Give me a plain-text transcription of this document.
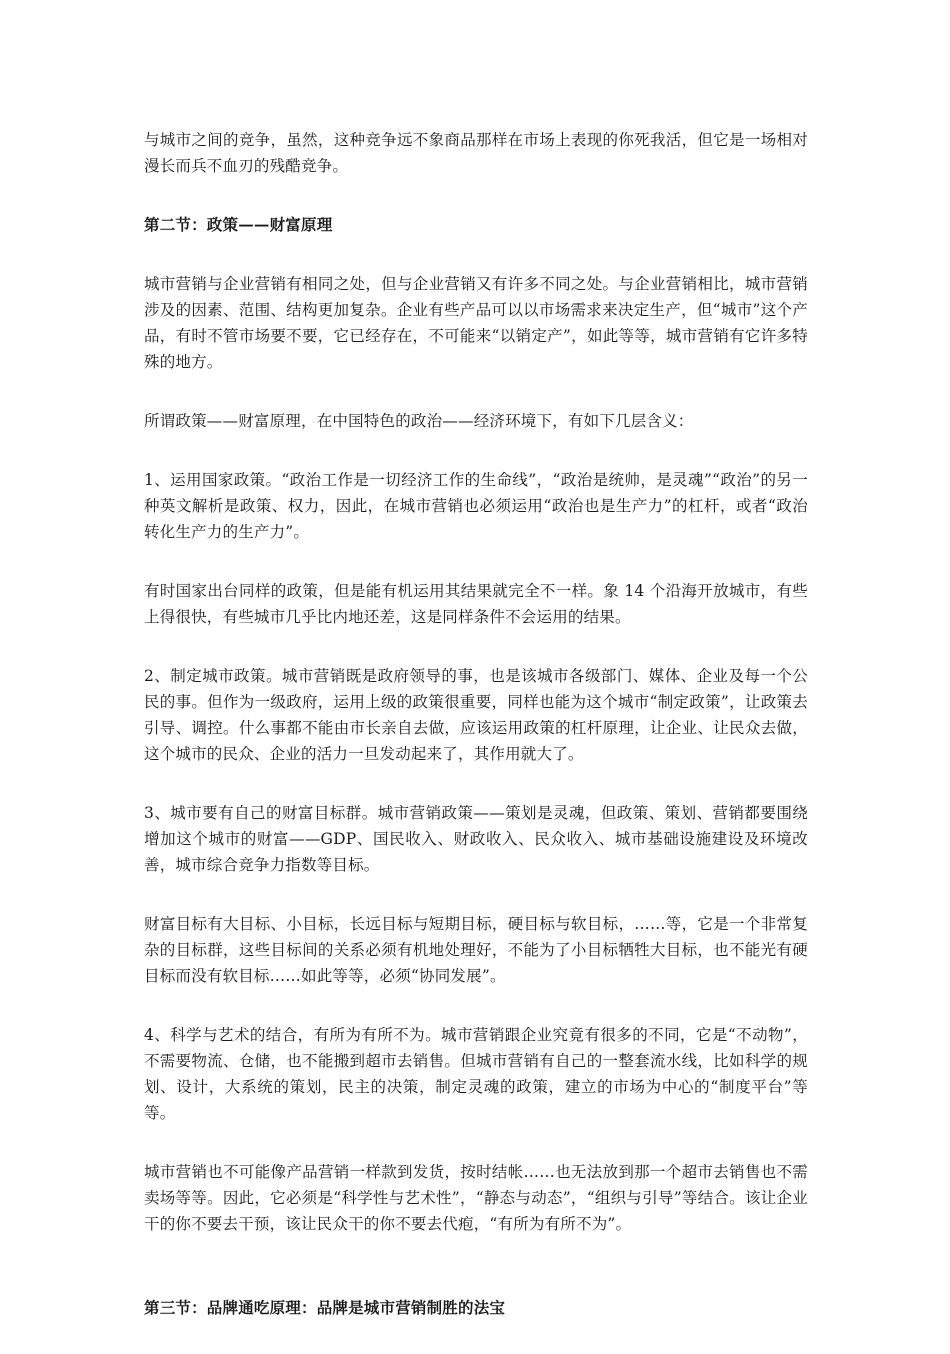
与城市之间的竞争，虽然，这种竞争远不象商品那样在市场上表现的你死我活，但它是一场相对漫长而兵不血刃的残酷竞争。

第二节：政策——财富原理

城市营销与企业营销有相同之处，但与企业营销又有许多不同之处。与企业营销相比，城市营销涉及的因素、范围、结构更加复杂。企业有些产品可以以市场需求来决定生产，但“城市”这个产品，有时不管市场要不要，它已经存在，不可能来“以销定产”，如此等等，城市营销有它许多特殊的地方。

所谓政策——财富原理，在中国特色的政治——经济环境下，有如下几层含义：

1、运用国家政策。“政治工作是一切经济工作的生命线”，“政治是统帅，是灵魂”“政治”的另一种英文解析是政策、权力，因此，在城市营销也必须运用“政治也是生产力”的杠杆，或者“政治转化生产力的生产力”。

有时国家出台同样的政策，但是能有机运用其结果就完全不一样。象 14 个沿海开放城市，有些上得很快，有些城市几乎比内地还差，这是同样条件不会运用的结果。

2、制定城市政策。城市营销既是政府领导的事，也是该城市各级部门、媒体、企业及每一个公民的事。但作为一级政府，运用上级的政策很重要，同样也能为这个城市“制定政策”，让政策去引导、调控。什么事都不能由市长亲自去做，应该运用政策的杠杆原理，让企业、让民众去做，这个城市的民众、企业的活力一旦发动起来了，其作用就大了。

3、城市要有自己的财富目标群。城市营销政策——策划是灵魂，但政策、策划、营销都要围绕增加这个城市的财富——GDP、国民收入、财政收入、民众收入、城市基础设施建设及环境改善，城市综合竞争力指数等目标。

财富目标有大目标、小目标，长远目标与短期目标，硬目标与软目标，……等，它是一个非常复杂的目标群，这些目标间的关系必须有机地处理好，不能为了小目标牺牲大目标，也不能光有硬目标而没有软目标……如此等等，必须“协同发展”。

4、科学与艺术的结合，有所为有所不为。城市营销跟企业究竟有很多的不同，它是“不动物”，不需要物流、仓储，也不能搬到超市去销售。但城市营销有自己的一整套流水线，比如科学的规划、设计，大系统的策划，民主的决策，制定灵魂的政策，建立的市场为中心的“制度平台”等等。

城市营销也不可能像产品营销一样款到发货，按时结帐……也无法放到那一个超市去销售也不需卖场等等。因此，它必须是“科学性与艺术性”，“静态与动态”，“组织与引导”等结合。该让企业干的你不要去干预，该让民众干的你不要去代疱，“有所为有所不为”。

第三节：品牌通吃原理：品牌是城市营销制胜的法宝
